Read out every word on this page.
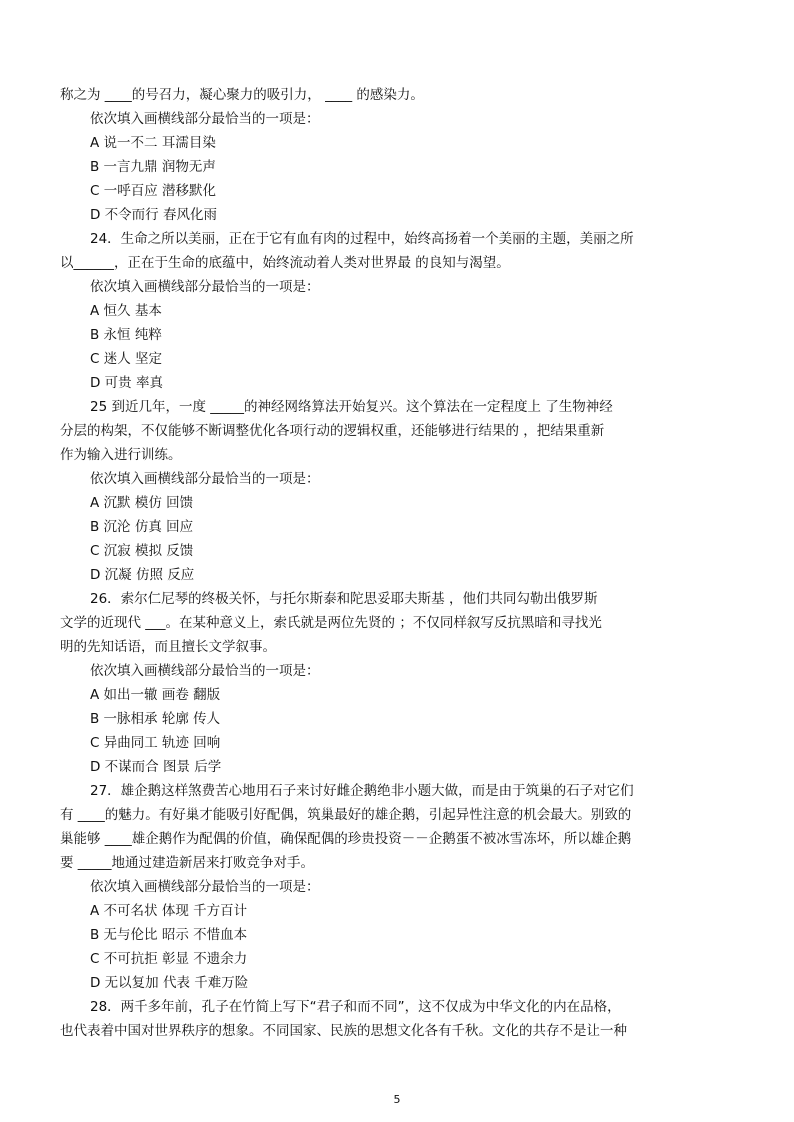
称之为 ____的号召力，凝心聚力的吸引力， ____ 的感染力。
依次填入画横线部分最恰当的一项是：
A 说一不二 耳濡目染
B 一言九鼎 润物无声
C 一呼百应 潜移默化
D 不令而行 春风化雨
24．生命之所以美丽，正在于它有血有肉的过程中，始终高扬着一个美丽的主题，美丽之所
以______，正在于生命的底蕴中，始终流动着人类对世界最 的良知与渴望。
依次填入画横线部分最恰当的一项是：
A 恒久 基本
B 永恒 纯粹
C 迷人 坚定
D 可贵 率真
25 到近几年，一度 _____的神经网络算法开始复兴。这个算法在一定程度上 了生物神经
分层的构架，不仅能够不断调整优化各项行动的逻辑权重，还能够进行结果的 ，把结果重新
作为输入进行训练。
依次填入画横线部分最恰当的一项是：
A 沉默 模仿 回馈
B 沉沦 仿真 回应
C 沉寂 模拟 反馈
D 沉凝 仿照 反应
26．索尔仁尼琴的终极关怀，与托尔斯泰和陀思妥耶夫斯基 ，他们共同勾勒出俄罗斯
文学的近现代 ___。在某种意义上，索氏就是两位先贤的 ；不仅同样叙写反抗黑暗和寻找光
明的先知话语，而且擅长文学叙事。
依次填入画横线部分最恰当的一项是：
A 如出一辙 画卷 翻版
B 一脉相承 轮廓 传人
C 异曲同工 轨迹 回响
D 不谋而合 图景 后学
27．雄企鹅这样煞费苦心地用石子来讨好雌企鹅绝非小题大做，而是由于筑巢的石子对它们
有 ____的魅力。有好巢才能吸引好配偶，筑巢最好的雄企鹅，引起异性注意的机会最大。别致的
巢能够 ____雄企鹅作为配偶的价值，确保配偶的珍贵投资－－企鹅蛋不被冰雪冻坏，所以雄企鹅
要 _____地通过建造新居来打败竞争对手。
依次填入画横线部分最恰当的一项是：
A 不可名状 体现 千方百计
B 无与伦比 昭示 不惜血本
C 不可抗拒 彰显 不遗余力
D 无以复加 代表 千难万险
28．两千多年前，孔子在竹简上写下“君子和而不同”，这不仅成为中华文化的内在品格，
也代表着中国对世界秩序的想象。不同国家、民族的思想文化各有千秋。文化的共存不是让一种
5
